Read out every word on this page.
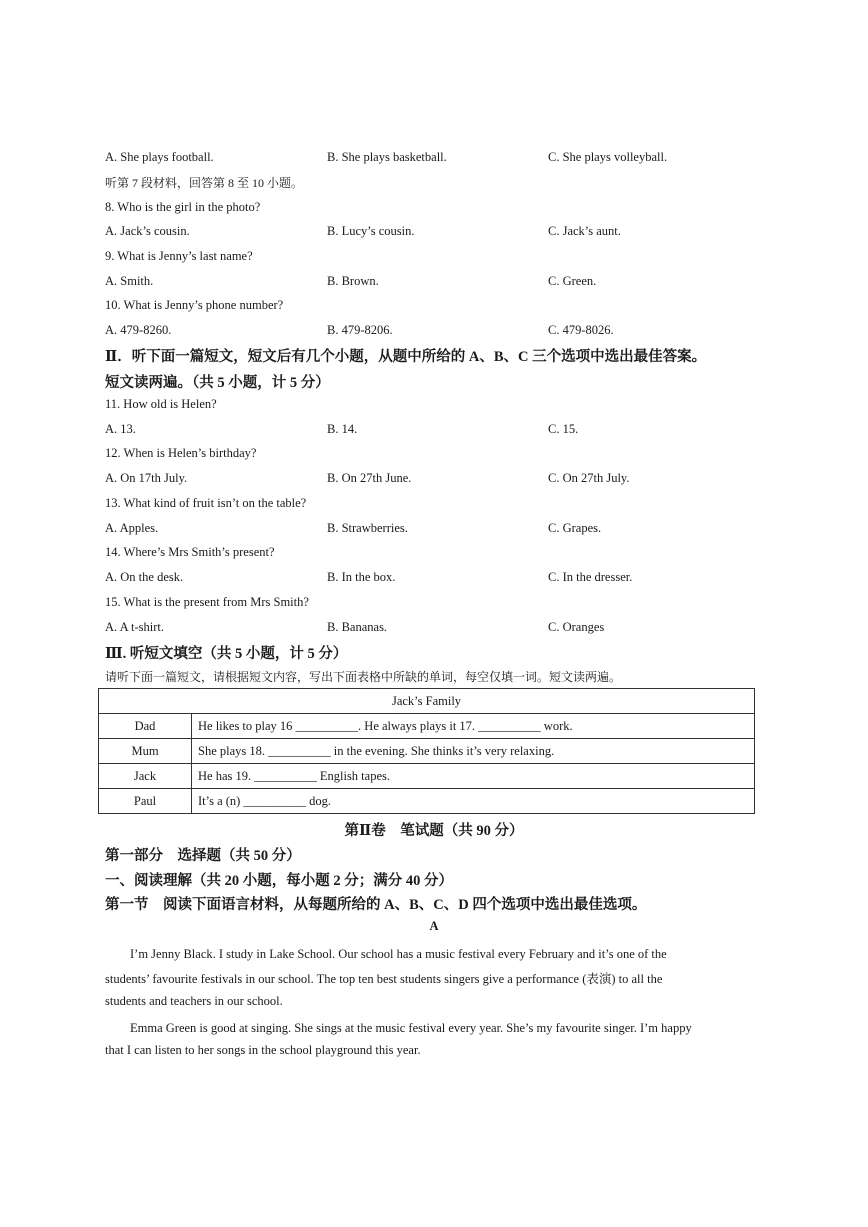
A. She plays football.	B. She plays basketball.	C. She plays volleyball.
听第 7 段材料，回答第 8 至 10 小题。
8. Who is the girl in the photo?
A. Jack’s cousin.	B. Lucy’s cousin.	C. Jack’s aunt.
9. What is Jenny’s last name?
A. Smith.	B. Brown.	C. Green.
10. What is Jenny’s phone number?
A. 479-8260.	B. 479-8206.	C. 479-8026.
Ⅱ．听下面一篇短文，短文后有几个小题，从题中所给的 A、B、C 三个选项中选出最佳答案。
短文读两遍。（共 5 小题，计 5 分）
11. How old is Helen?
A. 13.	B. 14.	C. 15.
12. When is Helen’s birthday?
A. On 17th July.	B. On 27th June.	C. On 27th July.
13. What kind of fruit isn’t on the table?
A. Apples.	B. Strawberries.	C. Grapes.
14. Where’s Mrs Smith’s present?
A. On the desk.	B. In the box.	C. In the dresser.
15. What is the present from Mrs Smith?
A. A t-shirt.	B. Bananas.	C. Oranges
Ⅲ. 听短文填空（共 5 小题，计 5 分）
请听下面一篇短文，请根据短文内容，写出下面表格中所缺的单词，每空仅填一词。短文读两遍。
Jack’s Family	
Dad	He likes to play 16 __________. He always plays it 17. __________ work.
Mum	She plays 18. __________ in the evening. She thinks it’s very relaxing.
Jack	He has 19. __________ English tapes.
Paul	It’s a (n) __________ dog.
第Ⅱ卷　笔试题（共 90 分）
第一部分　选择题（共 50 分）
一、阅读理解（共 20 小题，每小题 2 分；满分 40 分）
第一节　阅读下面语言材料，从每题所给的 A、B、C、D 四个选项中选出最佳选项。
A
　　I’m Jenny Black. I study in Lake School. Our school has a music festival every February and it’s one of the
students’ favourite festivals in our school. The top ten best students singers give a performance (表演) to all the
students and teachers in our school.
　　Emma Green is good at singing. She sings at the music festival every year. She’s my favourite singer. I’m happy
that I can listen to her songs in the school playground this year.
